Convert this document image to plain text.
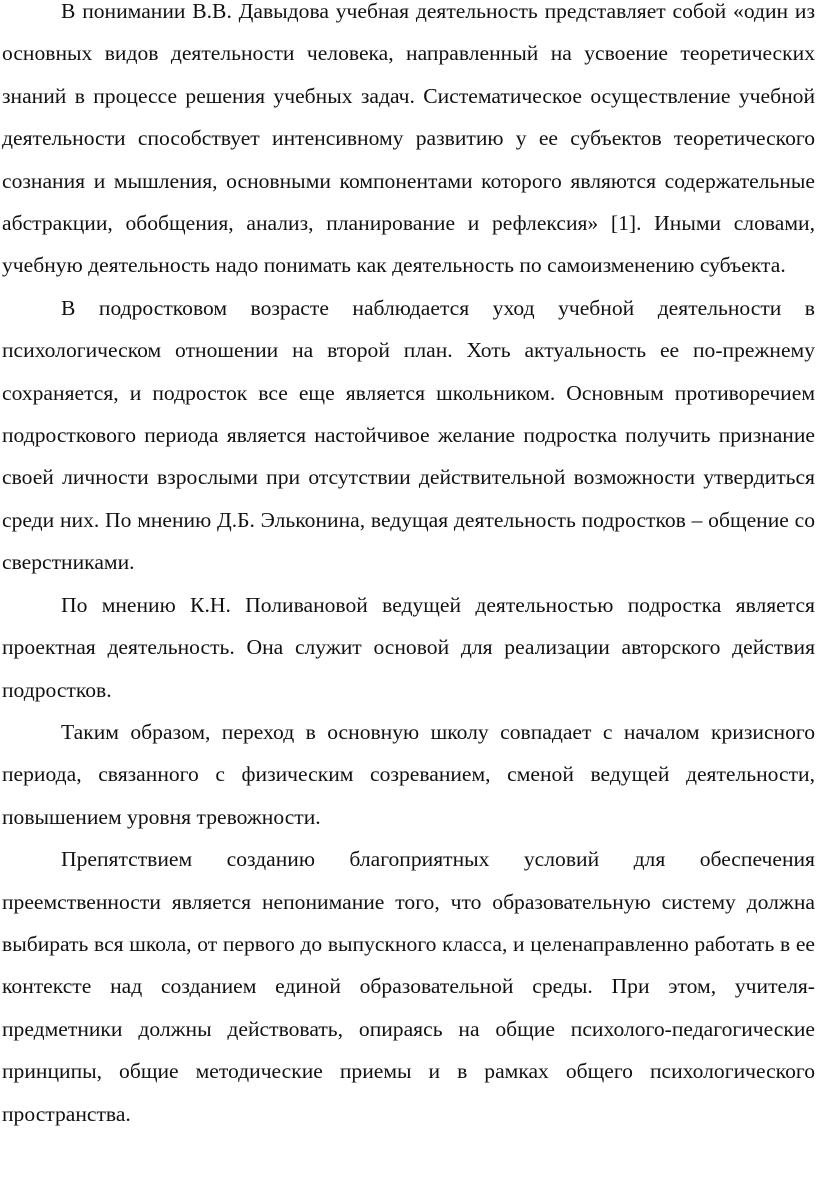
В понимании В.В. Давыдова учебная деятельность представляет собой «один из основных видов деятельности человека, направленный на усвоение теоретических знаний в процессе решения учебных задач. Систематическое осуществление учебной деятельности способствует интенсивному развитию у ее субъектов теоретического сознания и мышления, основными компонентами которого являются содержательные абстракции, обобщения, анализ, планирование и рефлексия» [1]. Иными словами, учебную деятельность надо понимать как деятельность по самоизменению субъекта.

В подростковом возрасте наблюдается уход учебной деятельности в психологическом отношении на второй план. Хоть актуальность ее по-прежнему сохраняется, и подросток все еще является школьником. Основным противоречием подросткового периода является настойчивое желание подростка получить признание своей личности взрослыми при отсутствии действительной возможности утвердиться среди них. По мнению Д.Б. Эльконина, ведущая деятельность подростков – общение со сверстниками.

По мнению К.Н. Поливановой ведущей деятельностью подростка является проектная деятельность. Она служит основой для реализации авторского действия подростков.

Таким образом, переход в основную школу совпадает с началом кризисного периода, связанного с физическим созреванием, сменой ведущей деятельности, повышением уровня тревожности.

Препятствием созданию благоприятных условий для обеспечения преемственности является непонимание того, что образовательную систему должна выбирать вся школа, от первого до выпускного класса, и целенаправленно работать в ее контексте над созданием единой образовательной среды. При этом, учителя-предметники должны действовать, опираясь на общие психолого-педагогические принципы, общие методические приемы и в рамках общего психологического пространства.
